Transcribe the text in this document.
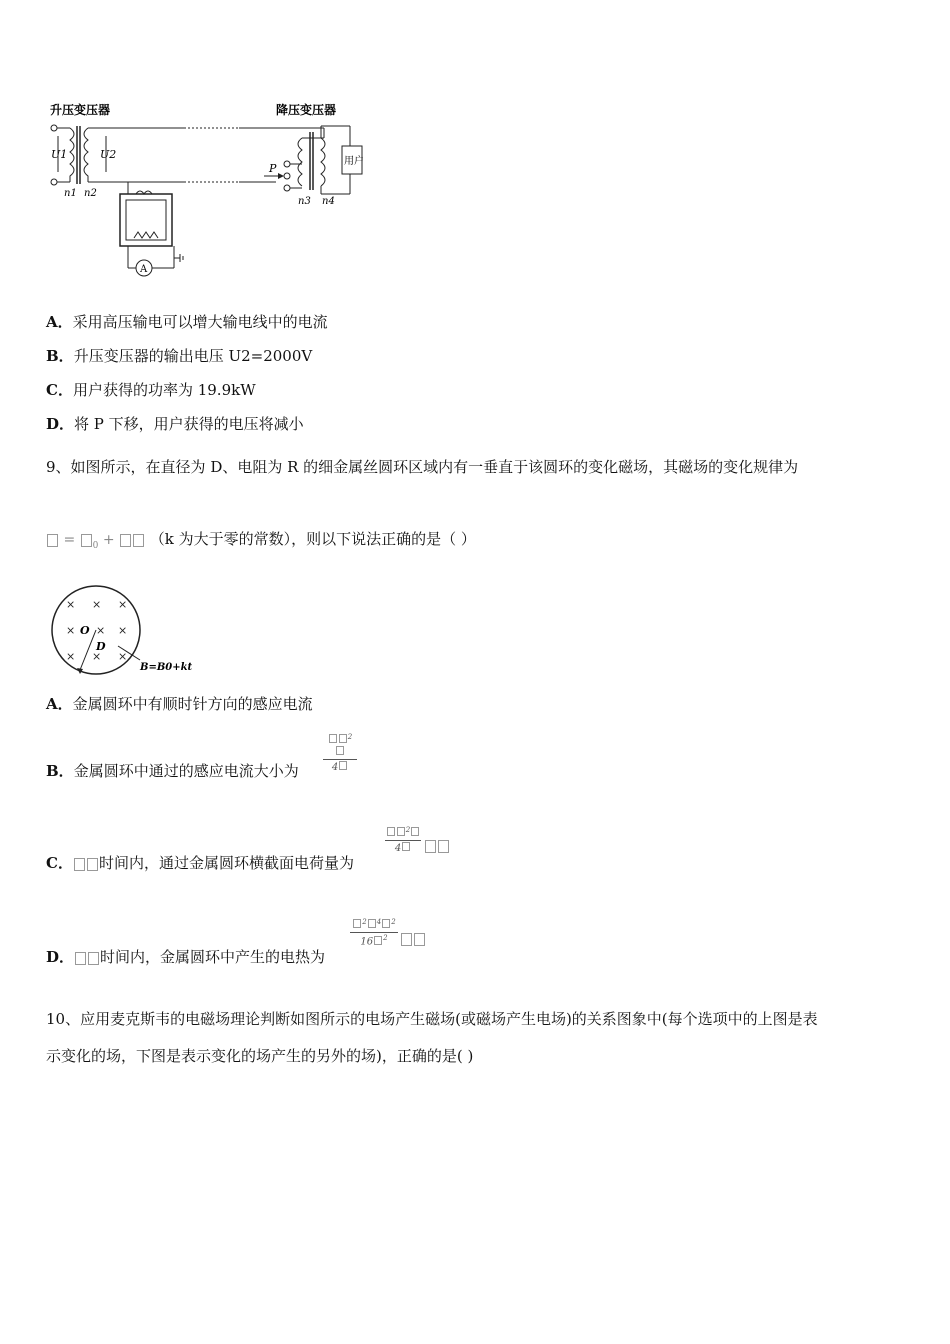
升压变压器	降压变压器
U1	U2
n1 n2
P
用户
n3 n4
A
A．采用高压输电可以增大输电线中的电流
B．升压变压器的输出电压 U2=2000V
C．用户获得的功率为 19.9kW
D．将 P 下移，用户获得的电压将减小
9、如图所示，在直径为 D、电阻为 R 的细金属丝圆环区域内有一垂直于该圆环的变化磁场，其磁场的变化规律为
= $_0$ +  （k 为大于零的常数），则以下说法正确的是（ ）
× × ×
× × ×
× × ×
O
D
B=B0+kt
A．金属圆环中有顺时针方向的感应电流
B．金属圆环中通过的感应电流大小为
$^2$
4
C． 时间内，通过金属圆环横截面电荷量为
$^2$
4
D． 时间内，金属圆环中产生的电热为
$^2$ $^4$ $^2$
16 $^2$
10、应用麦克斯韦的电磁场理论判断如图所示的电场产生磁场(或磁场产生电场)的关系图象中(每个选项中的上图是表
示变化的场，下图是表示变化的场产生的另外的场)，正确的是( )
